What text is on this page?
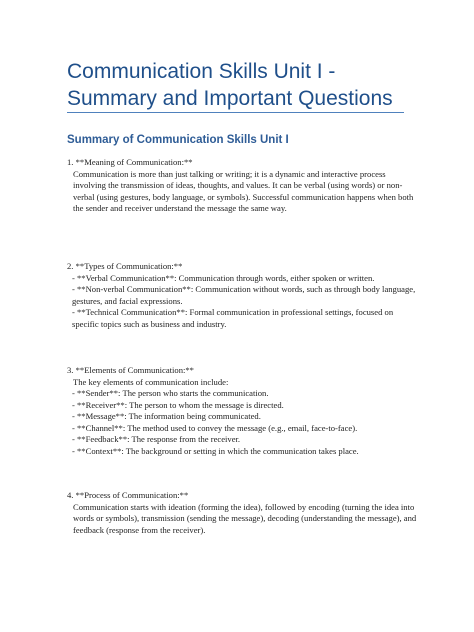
Communication Skills Unit I - Summary and Important Questions
Summary of Communication Skills Unit I

1. **Meaning of Communication:**

Communication is more than just talking or writing; it is a dynamic and interactive process involving the transmission of ideas, thoughts, and values. It can be verbal (using words) or non-verbal (using gestures, body language, or symbols). Successful communication happens when both the sender and receiver understand the message the same way.

2. **Types of Communication:**

- **Verbal Communication**: Communication through words, either spoken or written.

- **Non-verbal Communication**: Communication without words, such as through body language, gestures, and facial expressions.

- **Technical Communication**: Formal communication in professional settings, focused on specific topics such as business and industry.

3. **Elements of Communication:**

The key elements of communication include:

- **Sender**: The person who starts the communication.

- **Receiver**: The person to whom the message is directed.

- **Message**: The information being communicated.

- **Channel**: The method used to convey the message (e.g., email, face-to-face).

- **Feedback**: The response from the receiver.

- **Context**: The background or setting in which the communication takes place.

4. **Process of Communication:**

Communication starts with ideation (forming the idea), followed by encoding (turning the idea into words or symbols), transmission (sending the message), decoding (understanding the message), and feedback (response from the receiver).
